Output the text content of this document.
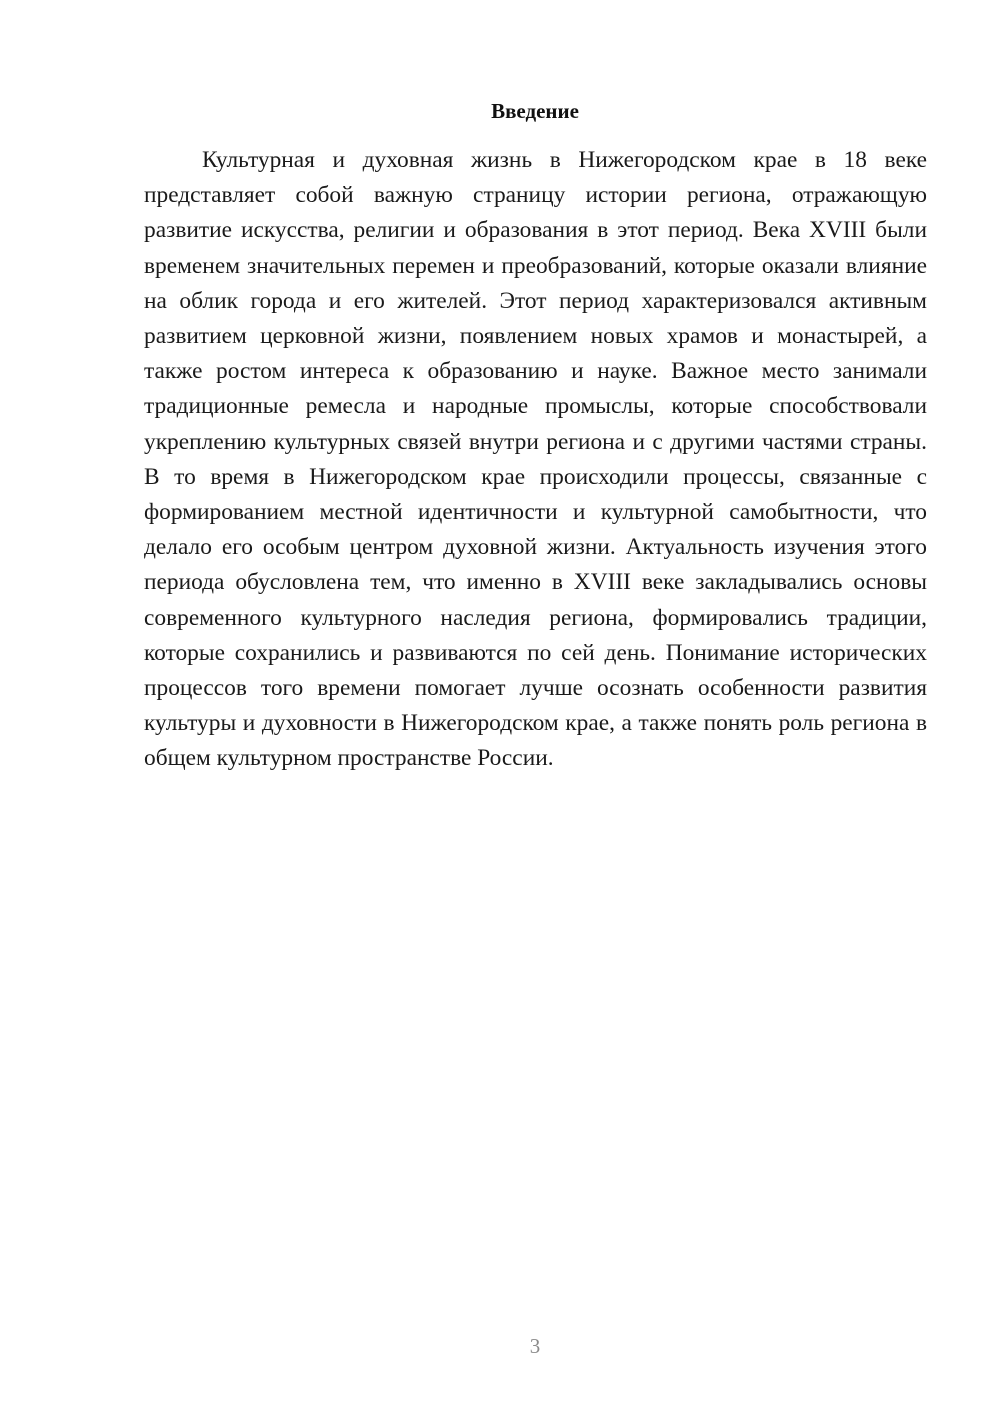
Введение

Культурная и духовная жизнь в Нижегородском крае в 18 веке представляет собой важную страницу истории региона, отражающую развитие искусства, религии и образования в этот период. Века XVIII были временем значительных перемен и преобразований, которые оказали влияние на облик города и его жителей. Этот период характеризовался активным развитием церковной жизни, появлением новых храмов и монастырей, а также ростом интереса к образованию и науке. Важное место занимали традиционные ремесла и народные промыслы, которые способствовали укреплению культурных связей внутри региона и с другими частями страны. В то время в Нижегородском крае происходили процессы, связанные с формированием местной идентичности и культурной самобытности, что делало его особым центром духовной жизни. Актуальность изучения этого периода обусловлена тем, что именно в XVIII веке закладывались основы современного культурного наследия региона, формировались традиции, которые сохранились и развиваются по сей день. Понимание исторических процессов того времени помогает лучше осознать особенности развития культуры и духовности в Нижегородском крае, а также понять роль региона в общем культурном пространстве России.

3
